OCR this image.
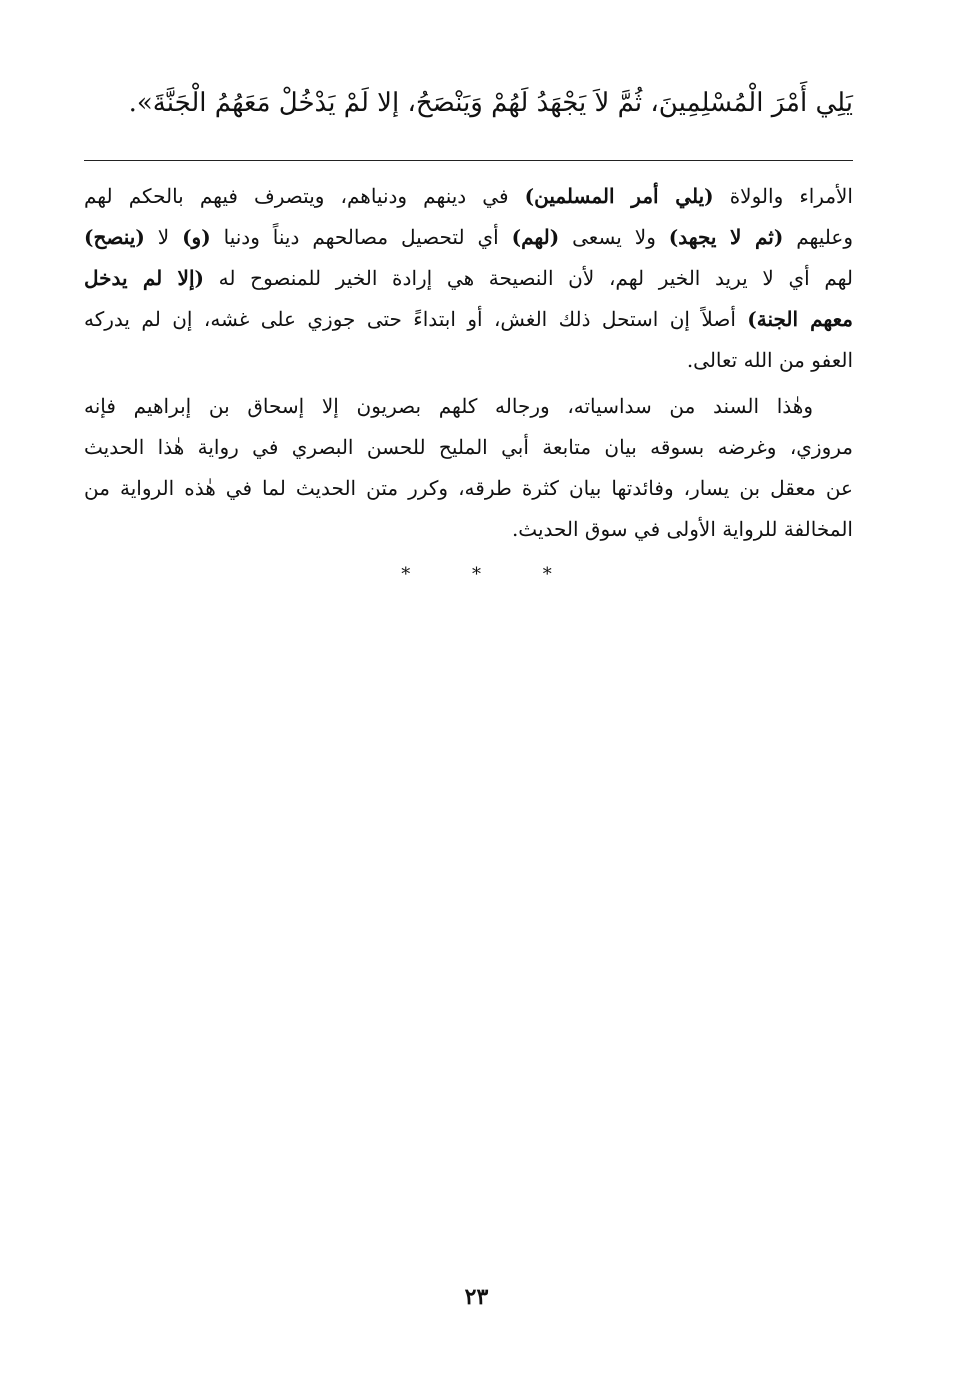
يَلِي أَمْرَ الْمُسْلِمِينَ، ثُمَّ لاَ يَجْهَدُ لَهُمْ وَيَنْصَحُ، إلا لَمْ يَدْخُلْ مَعَهُمُ الْجَنَّةَ».

الأمراء والولاة (يلي أمر المسلمين) في دينهم ودنياهم، ويتصرف فيهم بالحكم لهم
وعليهم (ثم لا يجهد) ولا يسعى (لهم) أي لتحصيل مصالحهم ديناً ودنيا (و) لا (ينصح)
لهم أي لا يريد الخير لهم، لأن النصيحة هي إرادة الخير للمنصوح له (إلا لم يدخل
معهم الجنة) أصلاً إن استحل ذلك الغش، أو ابتداءً حتى جوزي على غشه، إن لم يدركه
العفو من الله تعالى.

وهٰذا السند من سداسياته، ورجاله كلهم بصريون إلا إسحاق بن إبراهيم فإنه
مروزي، وغرضه بسوقه بيان متابعة أبي المليح للحسن البصري في رواية هٰذا الحديث
عن معقل بن يسار، وفائدتها بيان كثرة طرقه، وكرر متن الحديث لما في هٰذه الرواية من
المخالفة للرواية الأولى في سوق الحديث.

* * *
٢٣
